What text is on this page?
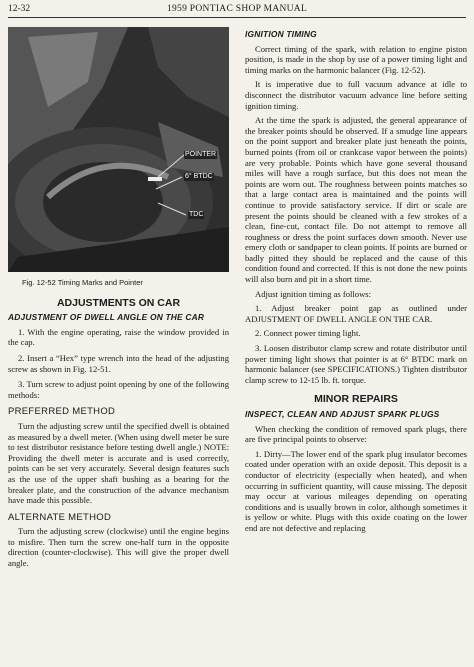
12-32	1959 PONTIAC SHOP MANUAL
POINTER
6° BTDC
TDC
Fig. 12-52 Timing Marks and Pointer
ADJUSTMENTS ON CAR
ADJUSTMENT OF DWELL ANGLE ON THE CAR

1. With the engine operating, raise the window provided in the cap.

2. Insert a “Hex” type wrench into the head of the adjusting screw as shown in Fig. 12-51.

3. Turn screw to adjust point opening by one of the following methods:

PREFERRED METHOD

Turn the adjusting screw until the specified dwell is obtained as measured by a dwell meter. (When using dwell meter be sure to test distributor resistance before testing dwell angle.) NOTE: Providing the dwell meter is accurate and is used correctly, points can be set very accurately. Several design features such as the use of the upper shaft bushing as a bearing for the breaker plate, and the construction of the advance mechanism have made this possible.

ALTERNATE METHOD

Turn the adjusting screw (clockwise) until the engine begins to misfire. Then turn the screw one-half turn in the opposite direction (counter-clockwise). This will give the proper dwell angle.

IGNITION TIMING

Correct timing of the spark, with relation to engine piston position, is made in the shop by use of a power timing light and timing marks on the harmonic balancer (Fig. 12-52).

It is imperative due to full vacuum advance at idle to disconnect the distributor vacuum advance line before setting ignition timing.

At the time the spark is adjusted, the general appearance of the breaker points should be observed. If a smudge line appears on the point support and breaker plate just beneath the points, burned points (from oil or crankcase vapor between the points) are very probable. Points which have gone several thousand miles will have a rough surface, but this does not mean the points are worn out. The roughness between points matches so that a large contact area is maintained and the points will continue to provide satisfactory service. If dirt or scale are present the points should be cleaned with a few strokes of a clean, fine-cut, contact file. Do not attempt to remove all roughness or dress the point surfaces down smooth. Never use emery cloth or sandpaper to clean points. If points are burned or badly pitted they should be replaced and the cause of this condition found and corrected. If this is not done the new points will also burn and pit in a short time.

Adjust ignition timing as follows:

1. Adjust breaker point gap as outlined under ADJUSTMENT OF DWELL ANGLE ON THE CAR.

2. Connect power timing light.

3. Loosen distributor clamp screw and rotate distributor until power timing light shows that pointer is at 6° BTDC mark on harmonic balancer (see SPECIFICATIONS.) Tighten distributor clamp screw to 12-15 lb. ft. torque.

MINOR REPAIRS
INSPECT, CLEAN AND ADJUST SPARK PLUGS

When checking the condition of removed spark plugs, there are five principal points to observe:

1. Dirty—The lower end of the spark plug insulator becomes coated under operation with an oxide deposit. This deposit is a conductor of electricity (especially when heated), and when occurring in sufficient quantity, will cause missing. The deposit may occur at various mileages depending on operating conditions and is usually brown in color, although sometimes it is yellow or white. Plugs with this oxide coating on the lower end are not defective and replacing
